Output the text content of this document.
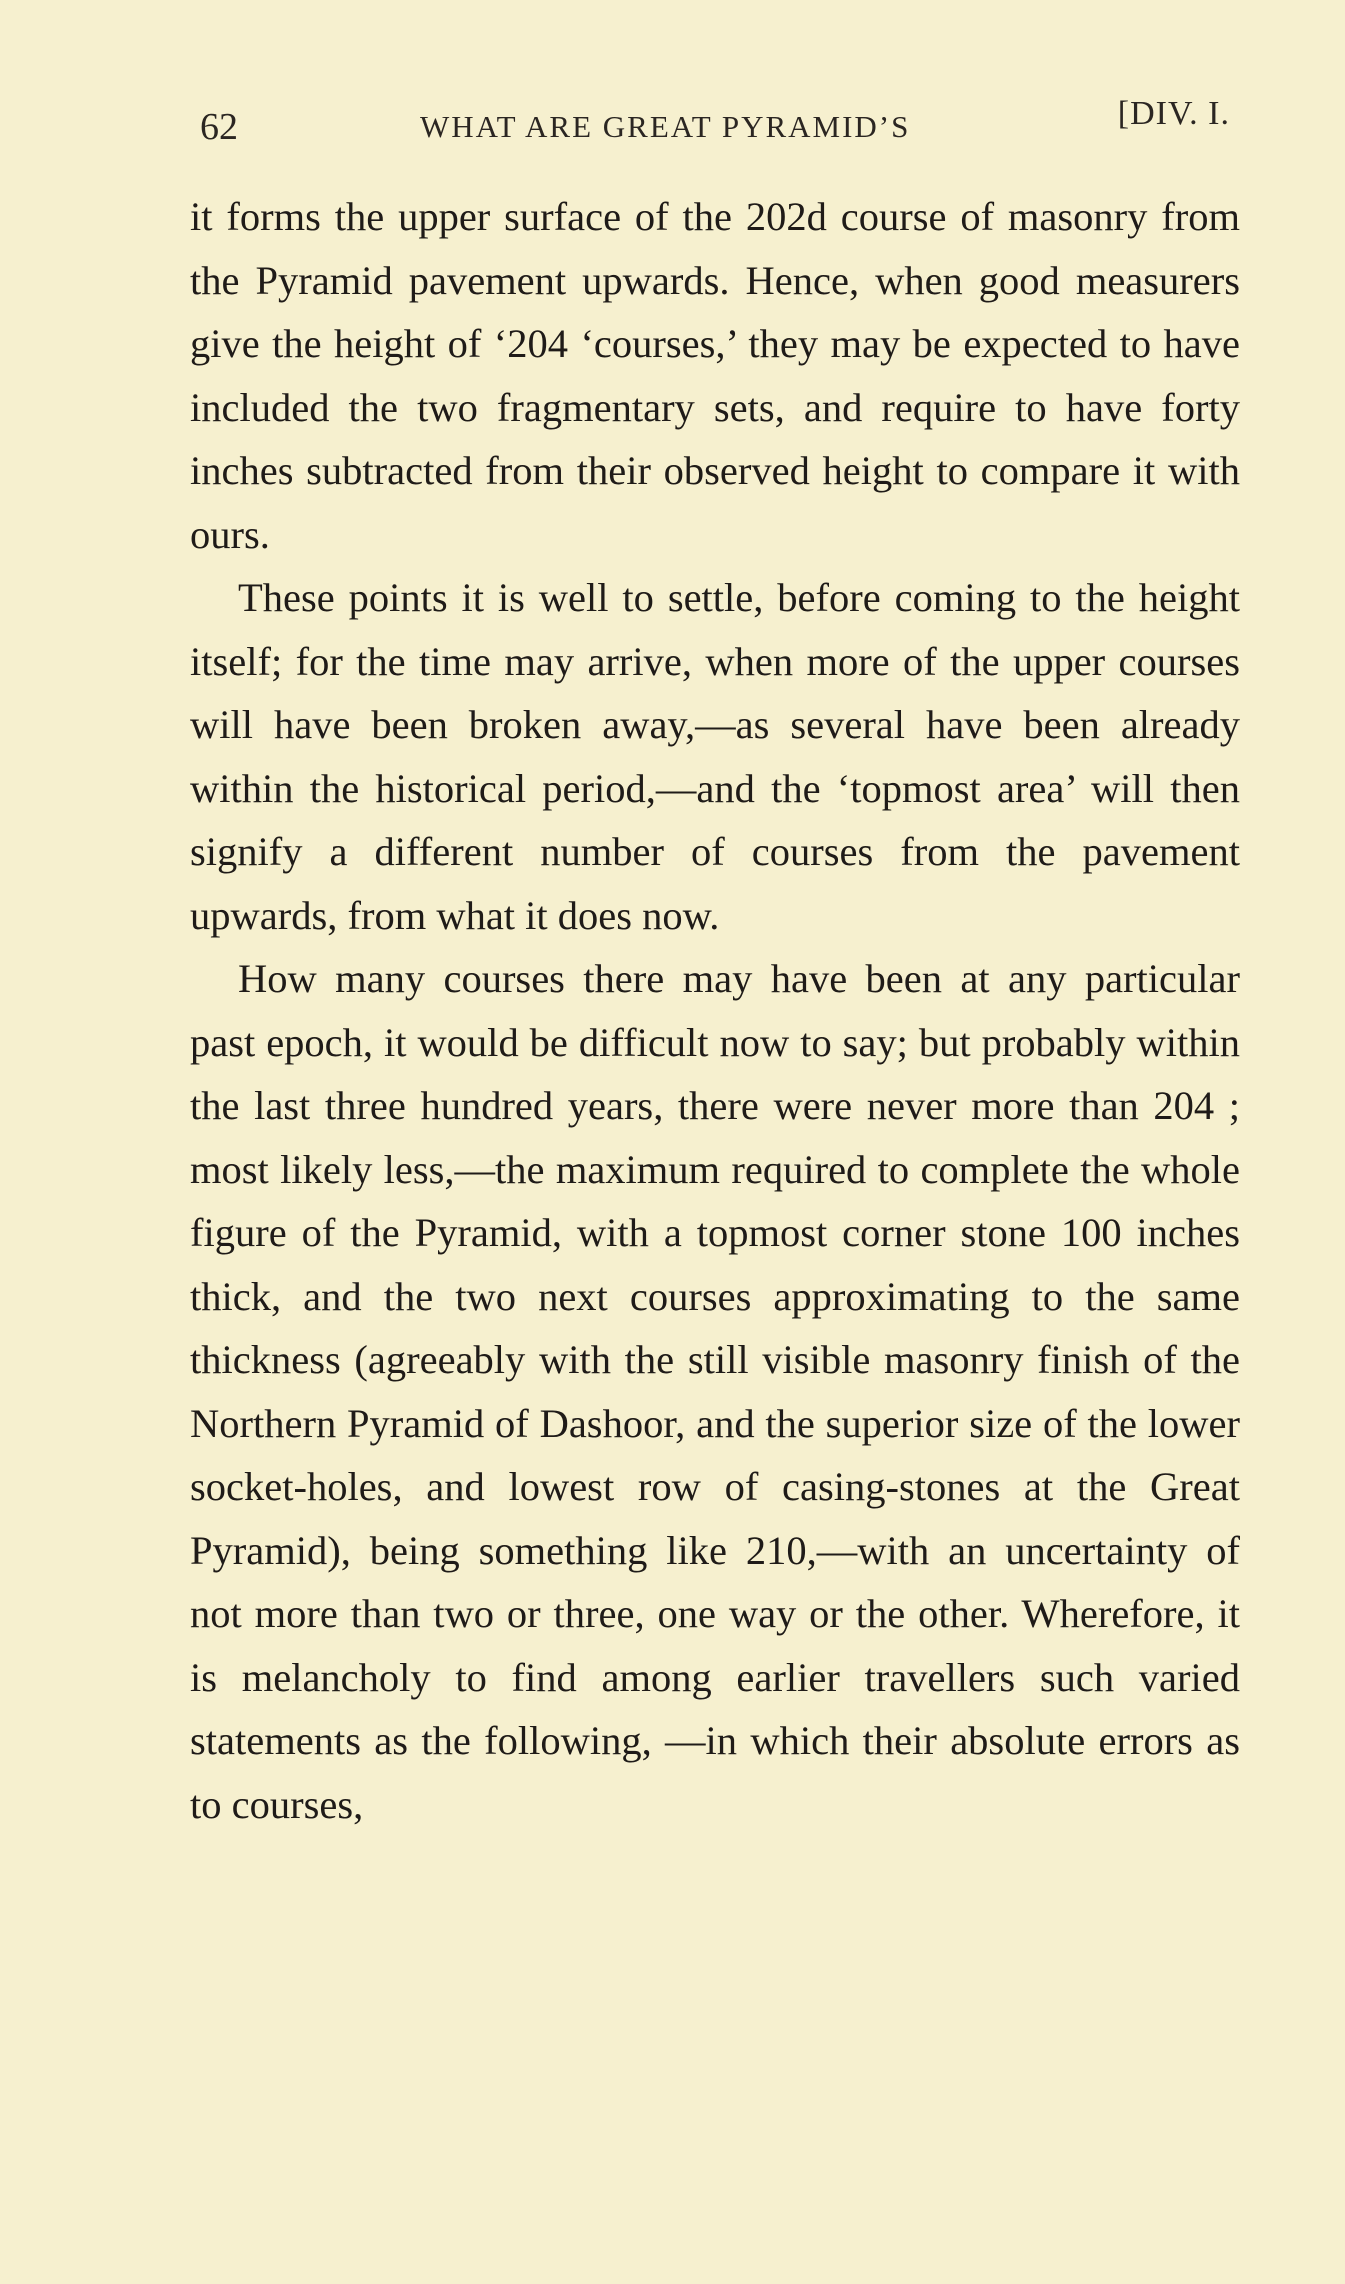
62	WHAT ARE GREAT PYRAMID’S	[DIV. I.

it forms the upper surface of the 202d course of masonry from the Pyramid pavement upwards. Hence, when good measurers give the height of ‘204 ‘courses,’ they may be expected to have included the two fragmentary sets, and require to have forty inches subtracted from their observed height to compare it with ours.

These points it is well to settle, before coming to the height itself; for the time may arrive, when more of the upper courses will have been broken away,—as several have been already within the historical period,—and the ‘topmost area’ will then signify a different number of courses from the pavement upwards, from what it does now.

How many courses there may have been at any particular past epoch, it would be difficult now to say; but probably within the last three hundred years, there were never more than 204 ; most likely less,—the maximum required to complete the whole figure of the Pyramid, with a topmost corner stone 100 inches thick, and the two next courses approximating to the same thickness (agreeably with the still visible masonry finish of the Northern Pyramid of Dashoor, and the superior size of the lower socket-holes, and lowest row of casing-stones at the Great Pyramid), being something like 210,—with an uncertainty of not more than two or three, one way or the other. Wherefore, it is melancholy to find among earlier travellers such varied statements as the following, —in which their absolute errors as to courses,
